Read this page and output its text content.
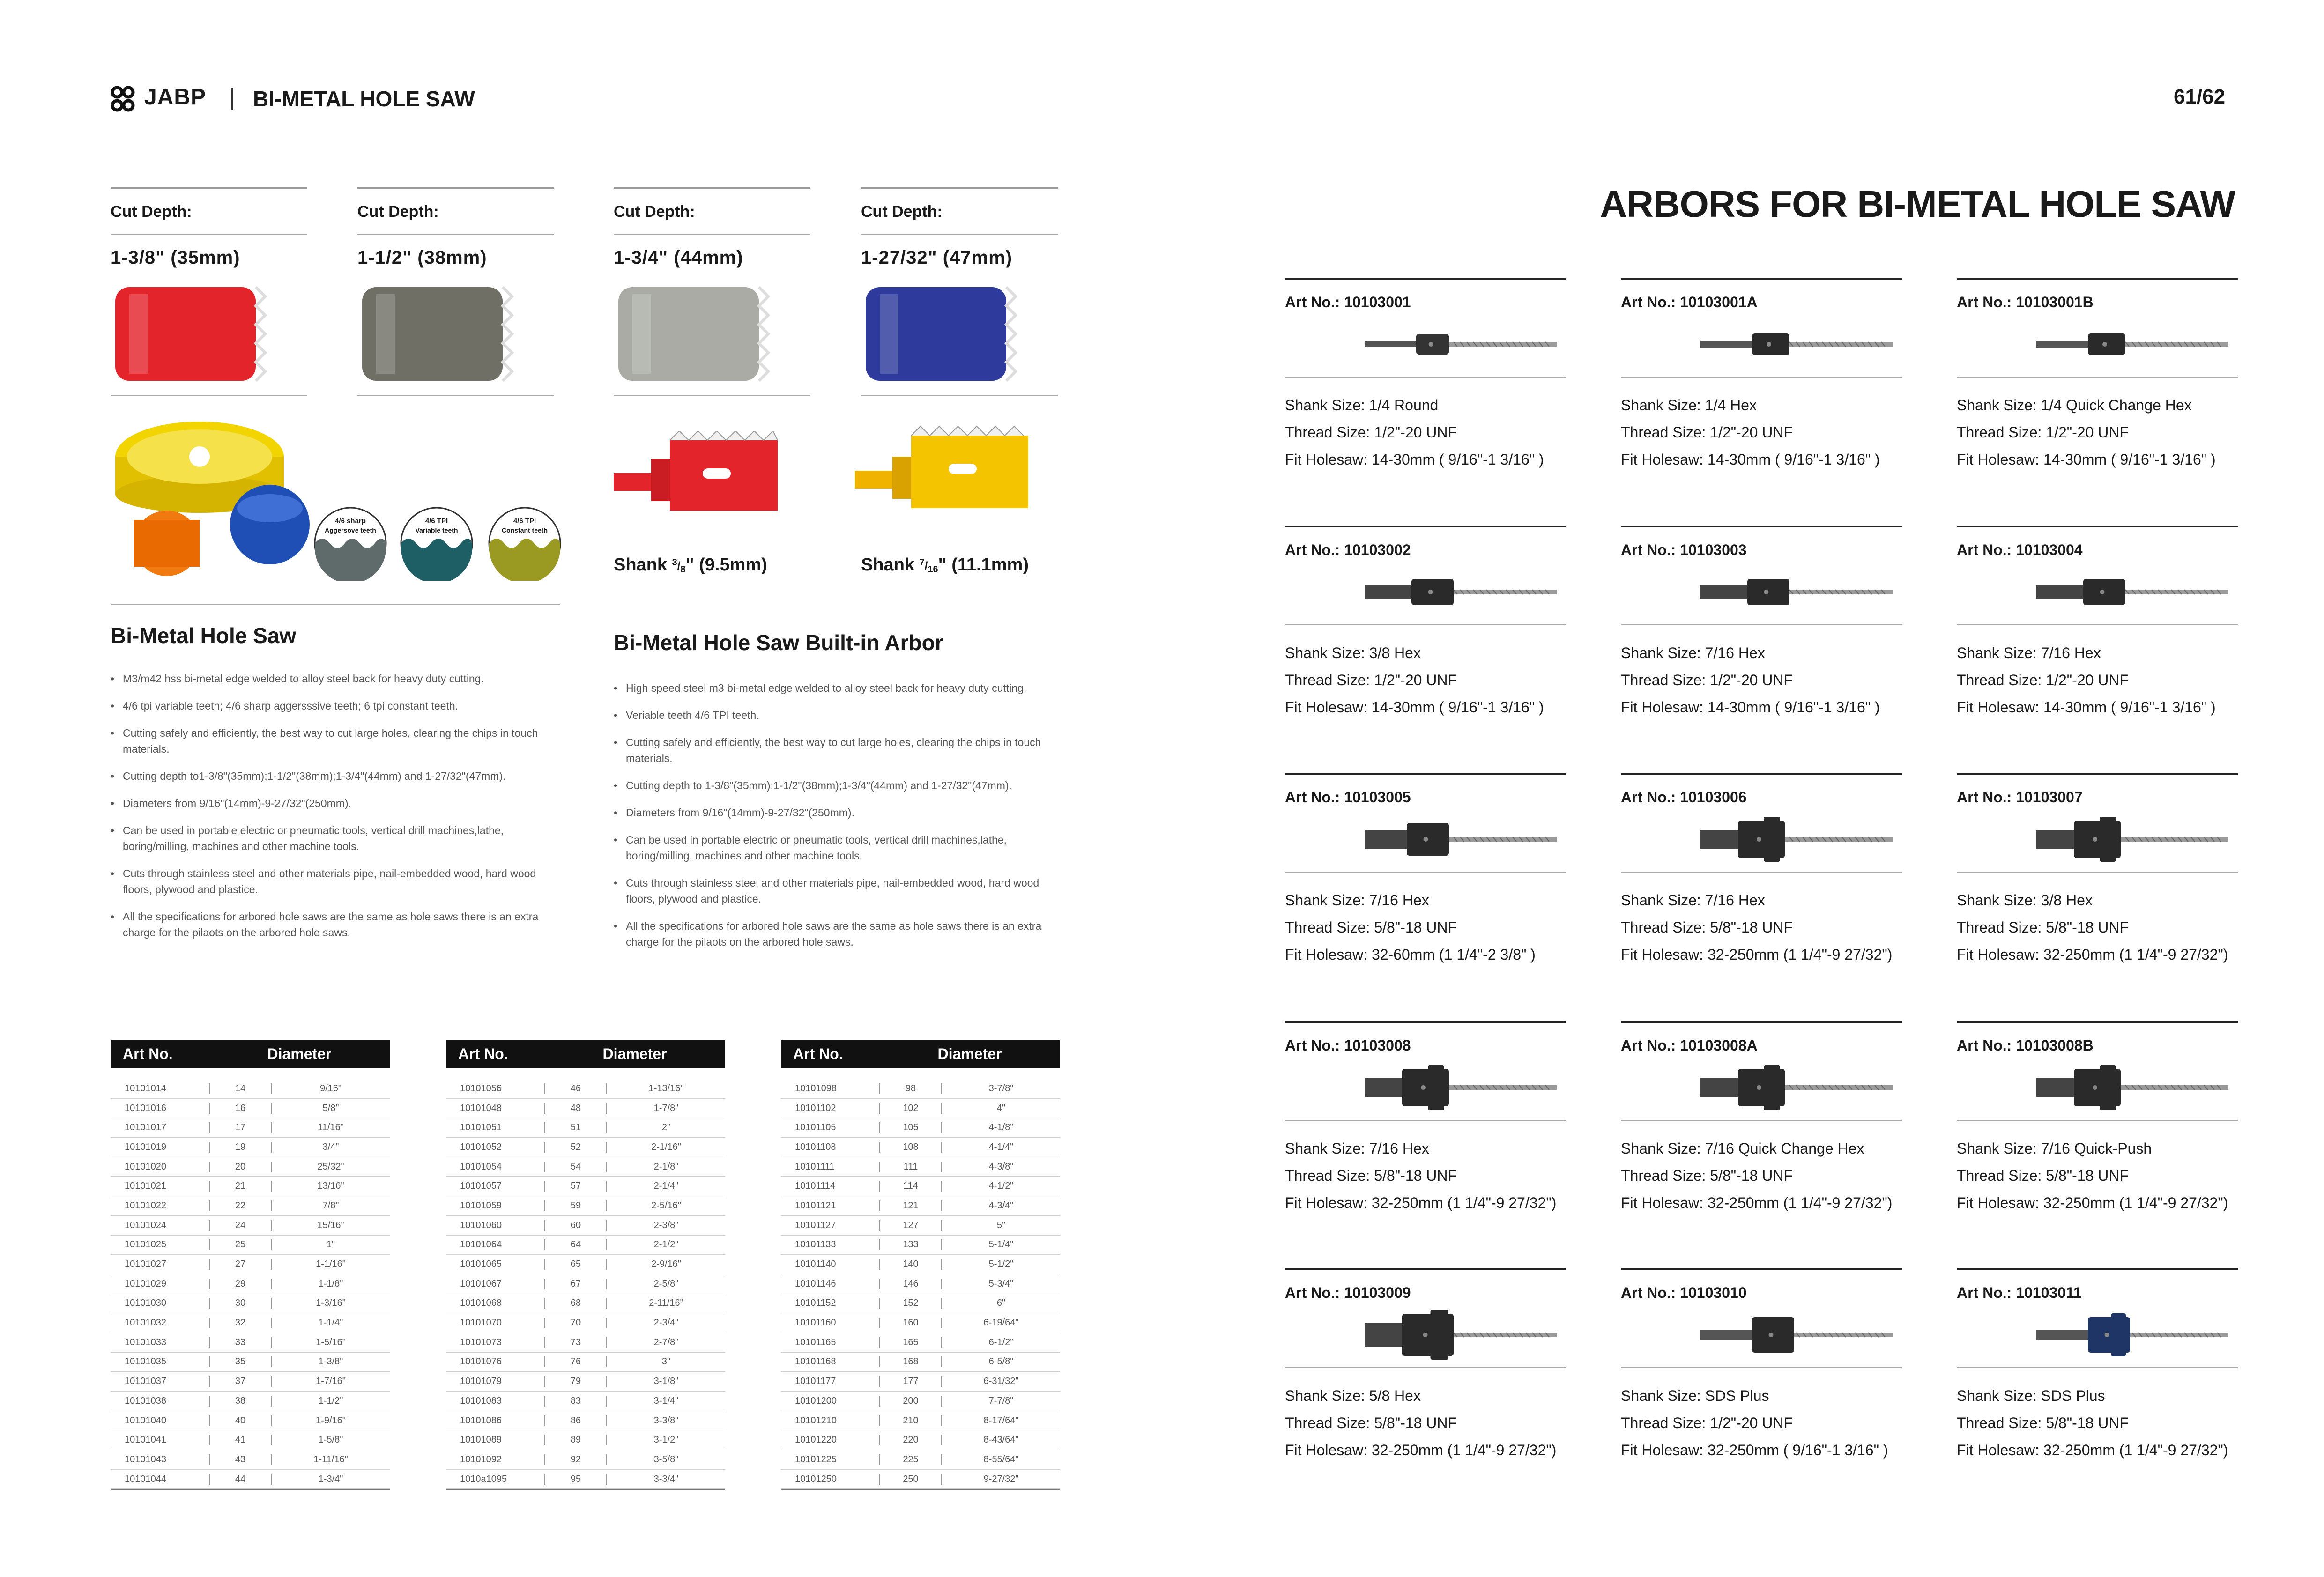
JABP BI-METAL HOLE SAW	61/62
ARBORS FOR BI-METAL HOLE SAW
Cut Depth:
1-3/8" (35mm)
Cut Depth:
1-1/2" (38mm)
Cut Depth:
1-3/4" (44mm)
Cut Depth:
1-27/32" (47mm)
4/6 sharp
Aggersove teeth
4/6 TPI
Variable teeth
4/6 TPI
Constant teeth
Shank $^3/_8$" (9.5mm)	Shank $^7/_{16}$" (11.1mm)
Bi-Metal Hole Saw
• M3/m42 hss bi-metal edge welded to alloy steel back for heavy duty cutting.
• 4/6 tpi variable teeth; 4/6 sharp aggersssive teeth; 6 tpi constant teeth.
• Cutting safely and efficiently, the best way to cut large holes, clearing the chips in touch materials.
• Cutting depth to1-3/8"(35mm);1-1/2"(38mm);1-3/4"(44mm) and 1-27/32"(47mm).
• Diameters from 9/16"(14mm)-9-27/32"(250mm).
• Can be used in portable electric or pneumatic tools, vertical drill machines,lathe, boring/milling, machines and other machine tools.
• Cuts through stainless steel and other materials pipe, nail-embedded wood, hard wood floors, plywood and plastice.
• All the specifications for arbored hole saws are the same as hole saws there is an extra charge for the pilaots on the arbored hole saws.
Bi-Metal Hole Saw Built-in Arbor
• High speed steel m3 bi-metal edge welded to alloy steel back for heavy duty cutting.
• Veriable teeth 4/6 TPI teeth.
• Cutting safely and efficiently, the best way to cut large holes, clearing the chips in touch materials.
• Cutting depth to 1-3/8"(35mm);1-1/2"(38mm);1-3/4"(44mm) and 1-27/32"(47mm).
• Diameters from 9/16"(14mm)-9-27/32"(250mm).
• Can be used in portable electric or pneumatic tools, vertical drill machines,lathe, boring/milling, machines and other machine tools.
• Cuts through stainless steel and other materials pipe, nail-embedded wood, hard wood floors, plywood and plastice.
• All the specifications for arbored hole saws are the same as hole saws there is an extra charge for the pilaots on the arbored hole saws.
Art No.	Diameter
10101014	14	9/16"
10101016	16	5/8"
10101017	17	11/16"
10101019	19	3/4"
10101020	20	25/32"
10101021	21	13/16"
10101022	22	7/8"
10101024	24	15/16"
10101025	25	1"
10101027	27	1-1/16"
10101029	29	1-1/8"
10101030	30	1-3/16"
10101032	32	1-1/4"
10101033	33	1-5/16"
10101035	35	1-3/8"
10101037	37	1-7/16"
10101038	38	1-1/2"
10101040	40	1-9/16"
10101041	41	1-5/8"
10101043	43	1-11/16"
10101044	44	1-3/4"
Art No.	Diameter
10101056	46	1-13/16"
10101048	48	1-7/8"
10101051	51	2"
10101052	52	2-1/16"
10101054	54	2-1/8"
10101057	57	2-1/4"
10101059	59	2-5/16"
10101060	60	2-3/8"
10101064	64	2-1/2"
10101065	65	2-9/16"
10101067	67	2-5/8"
10101068	68	2-11/16"
10101070	70	2-3/4"
10101073	73	2-7/8"
10101076	76	3"
10101079	79	3-1/8"
10101083	83	3-1/4"
10101086	86	3-3/8"
10101089	89	3-1/2"
10101092	92	3-5/8"
1010a1095	95	3-3/4"
Art No.	Diameter
10101098	98	3-7/8"
10101102	102	4"
10101105	105	4-1/8"
10101108	108	4-1/4"
10101111	111	4-3/8"
10101114	114	4-1/2"
10101121	121	4-3/4"
10101127	127	5"
10101133	133	5-1/4"
10101140	140	5-1/2"
10101146	146	5-3/4"
10101152	152	6"
10101160	160	6-19/64"
10101165	165	6-1/2"
10101168	168	6-5/8"
10101177	177	6-31/32"
10101200	200	7-7/8"
10101210	210	8-17/64"
10101220	220	8-43/64"
10101225	225	8-55/64"
10101250	250	9-27/32"
Art No.: 10103001
Shank Size: 1/4 Round
Thread Size: 1/2"-20 UNF
Fit Holesaw: 14-30mm ( 9/16"-1 3/16" )
Art No.: 10103001A
Shank Size: 1/4 Hex
Thread Size: 1/2"-20 UNF
Fit Holesaw: 14-30mm ( 9/16"-1 3/16" )
Art No.: 10103001B
Shank Size: 1/4 Quick Change Hex
Thread Size: 1/2"-20 UNF
Fit Holesaw: 14-30mm ( 9/16"-1 3/16" )
Art No.: 10103002
Shank Size: 3/8 Hex
Thread Size: 1/2"-20 UNF
Fit Holesaw: 14-30mm ( 9/16"-1 3/16" )
Art No.: 10103003
Shank Size: 7/16 Hex
Thread Size: 1/2"-20 UNF
Fit Holesaw: 14-30mm ( 9/16"-1 3/16" )
Art No.: 10103004
Shank Size: 7/16 Hex
Thread Size: 1/2"-20 UNF
Fit Holesaw: 14-30mm ( 9/16"-1 3/16" )
Art No.: 10103005
Shank Size: 7/16 Hex
Thread Size: 5/8"-18 UNF
Fit Holesaw: 32-60mm (1 1/4"-2 3/8" )
Art No.: 10103006
Shank Size: 7/16 Hex
Thread Size: 5/8"-18 UNF
Fit Holesaw: 32-250mm (1 1/4"-9 27/32")
Art No.: 10103007
Shank Size: 3/8 Hex
Thread Size: 5/8"-18 UNF
Fit Holesaw: 32-250mm (1 1/4"-9 27/32")
Art No.: 10103008
Shank Size: 7/16 Hex
Thread Size: 5/8"-18 UNF
Fit Holesaw: 32-250mm (1 1/4"-9 27/32")
Art No.: 10103008A
Shank Size: 7/16 Quick Change Hex
Thread Size: 5/8"-18 UNF
Fit Holesaw: 32-250mm (1 1/4"-9 27/32")
Art No.: 10103008B
Shank Size: 7/16 Quick-Push
Thread Size: 5/8"-18 UNF
Fit Holesaw: 32-250mm (1 1/4"-9 27/32")
Art No.: 10103009
Shank Size: 5/8 Hex
Thread Size: 5/8"-18 UNF
Fit Holesaw: 32-250mm (1 1/4"-9 27/32")
Art No.: 10103010
Shank Size: SDS Plus
Thread Size: 1/2"-20 UNF
Fit Holesaw: 32-250mm ( 9/16"-1 3/16" )
Art No.: 10103011
Shank Size: SDS Plus
Thread Size: 5/8"-18 UNF
Fit Holesaw: 32-250mm (1 1/4"-9 27/32")
